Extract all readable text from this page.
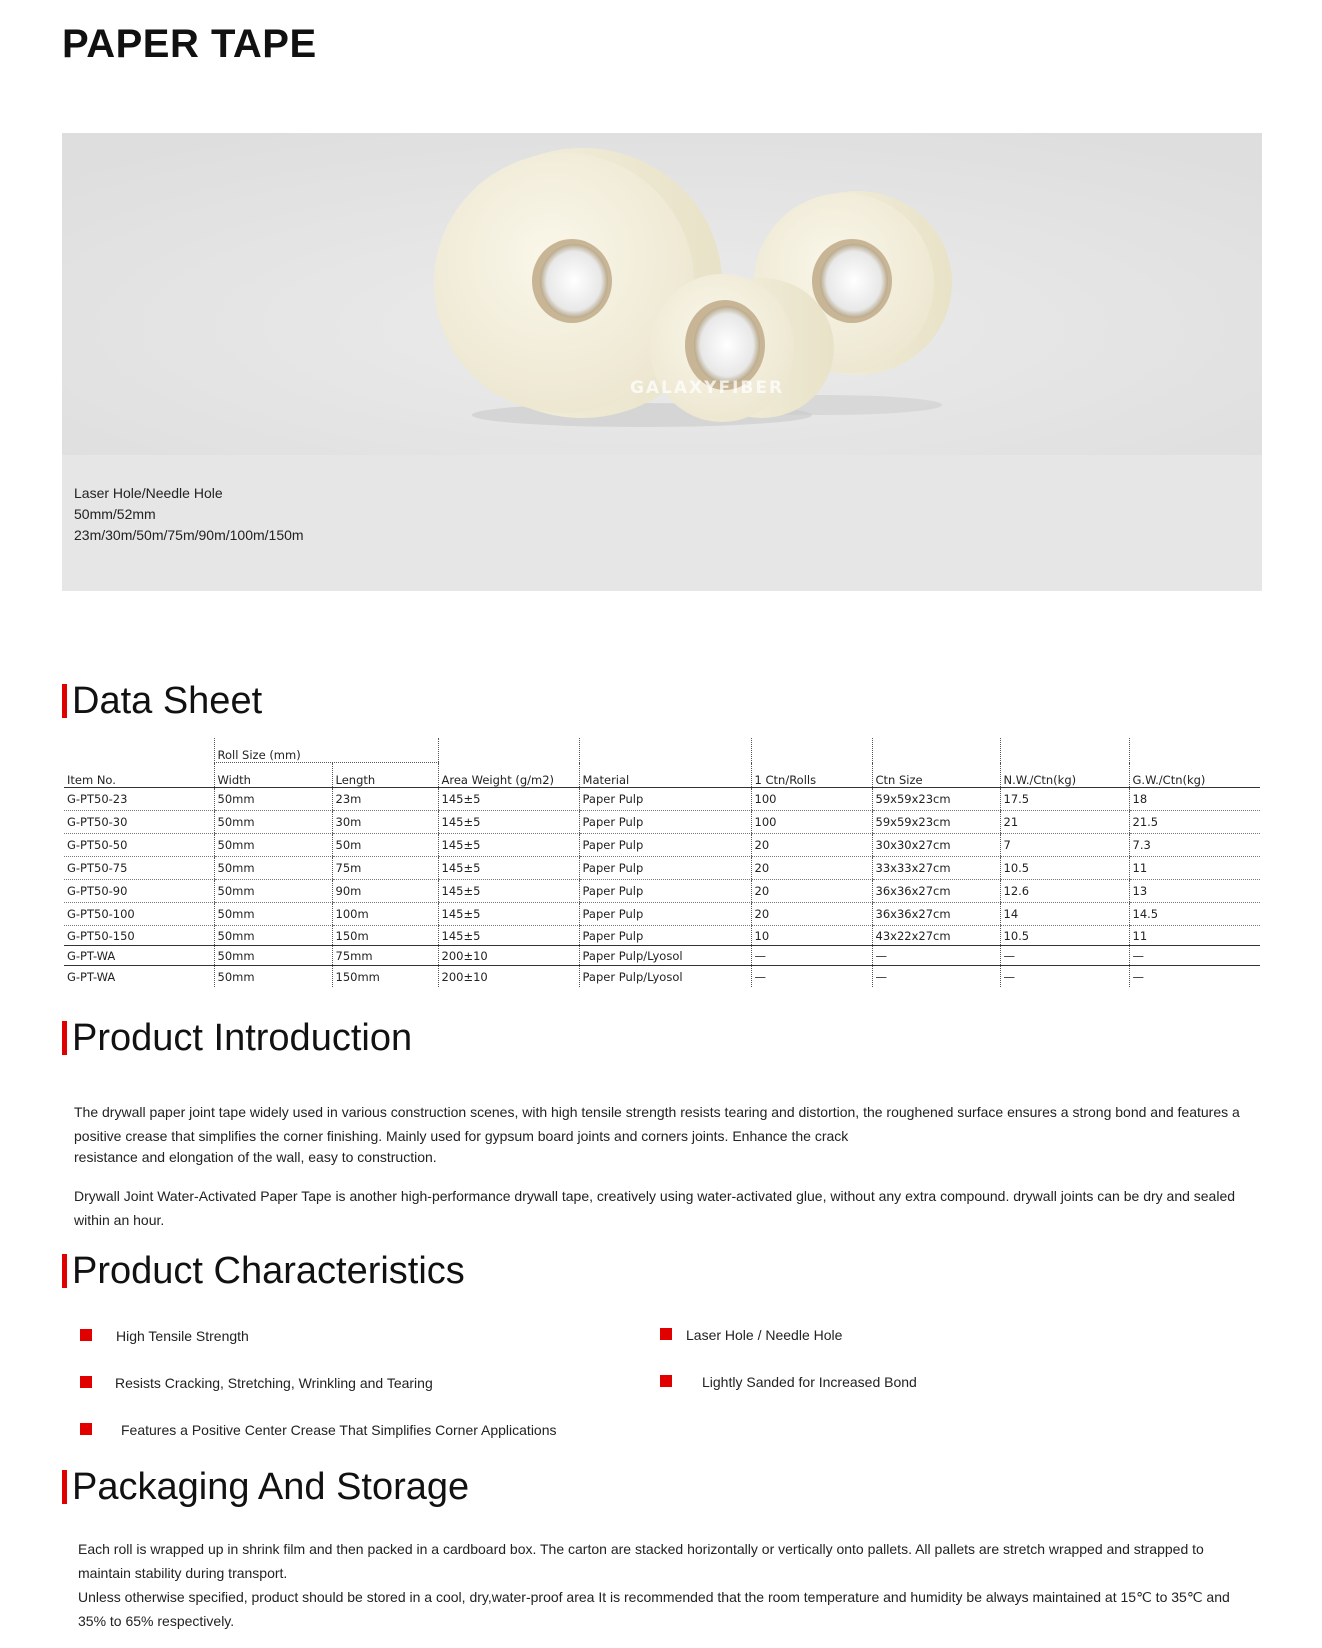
PAPER TAPE
GALAXYFIBER
Laser Hole/Needle Hole
50mm/52mm
23m/30m/50m/75m/90m/100m/150m
Data Sheet
	Roll Size (mm)							
Item No.	Width	Length	Area Weight (g/m2)	Material	1 Ctn/Rolls	Ctn Size	N.W./Ctn(kg)	G.W./Ctn(kg)
G-PT50-23	50mm	23m	145±5	Paper Pulp	100	59x59x23cm	17.5	18
G-PT50-30	50mm	30m	145±5	Paper Pulp	100	59x59x23cm	21	21.5
G-PT50-50	50mm	50m	145±5	Paper Pulp	20	30x30x27cm	7	7.3
G-PT50-75	50mm	75m	145±5	Paper Pulp	20	33x33x27cm	10.5	11
G-PT50-90	50mm	90m	145±5	Paper Pulp	20	36x36x27cm	12.6	13
G-PT50-100	50mm	100m	145±5	Paper Pulp	20	36x36x27cm	14	14.5
G-PT50-150	50mm	150m	145±5	Paper Pulp	10	43x22x27cm	10.5	11
G-PT-WA	50mm	75mm	200±10	Paper Pulp/Lyosol	—	—	—	—
G-PT-WA	50mm	150mm	200±10	Paper Pulp/Lyosol	—	—	—	—
Product Introduction
The drywall paper joint tape widely used in various construction scenes, with high tensile strength resists tearing and distortion, the roughened surface ensures a strong bond and features a
positive crease that simplifies the corner finishing. Mainly used for gypsum board joints and corners joints. Enhance the crack
resistance and elongation of the wall, easy to construction.
Drywall Joint Water-Activated Paper Tape is another high-performance drywall tape, creatively using water-activated glue, without any extra compound. drywall joints can be dry and sealed
within an hour.
Product Characteristics
High Tensile Strength	Laser Hole / Needle Hole
Resists Cracking, Stretching, Wrinkling and Tearing	Lightly Sanded for Increased Bond
Features a Positive Center Crease That Simplifies Corner Applications
Packaging And Storage
Each roll is wrapped up in shrink film and then packed in a cardboard box. The carton are stacked horizontally or vertically onto pallets. All pallets are stretch wrapped and strapped to
maintain stability during transport.
Unless otherwise specified, product should be stored in a cool, dry,water-proof area It is recommended that the room temperature and humidity be always maintained at 15℃ to 35℃ and
35% to 65% respectively.
